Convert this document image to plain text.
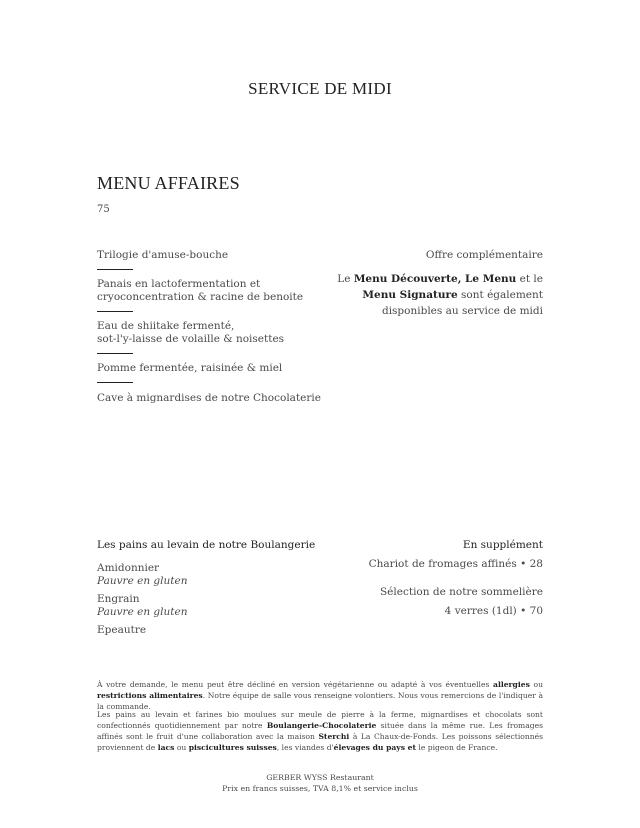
SERVICE DE MIDI
MENU AFFAIRES
75
Trilogie d'amuse-bouche
Panais en lactofermentation et
cryoconcentration & racine de benoite
Eau de shiitake fermenté,
sot-l'y-laisse de volaille & noisettes
Pomme fermentée, raisinée & miel
Cave à mignardises de notre Chocolaterie
Offre complémentaire
Le Menu Découverte, Le Menu et le
Menu Signature sont également
disponibles au service de midi
Les pains au levain de notre Boulangerie
Amidonnier
Pauvre en gluten
Engrain
Pauvre en gluten
Epeautre
En supplément
Chariot de fromages affinés • 28
Sélection de notre sommelière
4 verres (1dl) • 70
À votre demande, le menu peut être décliné en version végétarienne ou adapté à vos éventuelles allergies ou restrictions alimentaires. Notre équipe de salle vous renseigne volontiers. Nous vous remercions de l'indiquer à la commande.
Les pains au levain et farines bio moulues sur meule de pierre à la ferme, mignardises et chocolats sont confectionnés quotidiennement par notre Boulangerie-Chocolaterie située dans la même rue. Les fromages affinés sont le fruit d'une collaboration avec la maison Sterchi à La Chaux-de-Fonds. Les poissons sélectionnés proviennent de lacs ou piscicultures suisses, les viandes d'élevages du pays et le pigeon de France.
GERBER WYSS Restaurant
Prix en francs suisses, TVA 8,1% et service inclus
